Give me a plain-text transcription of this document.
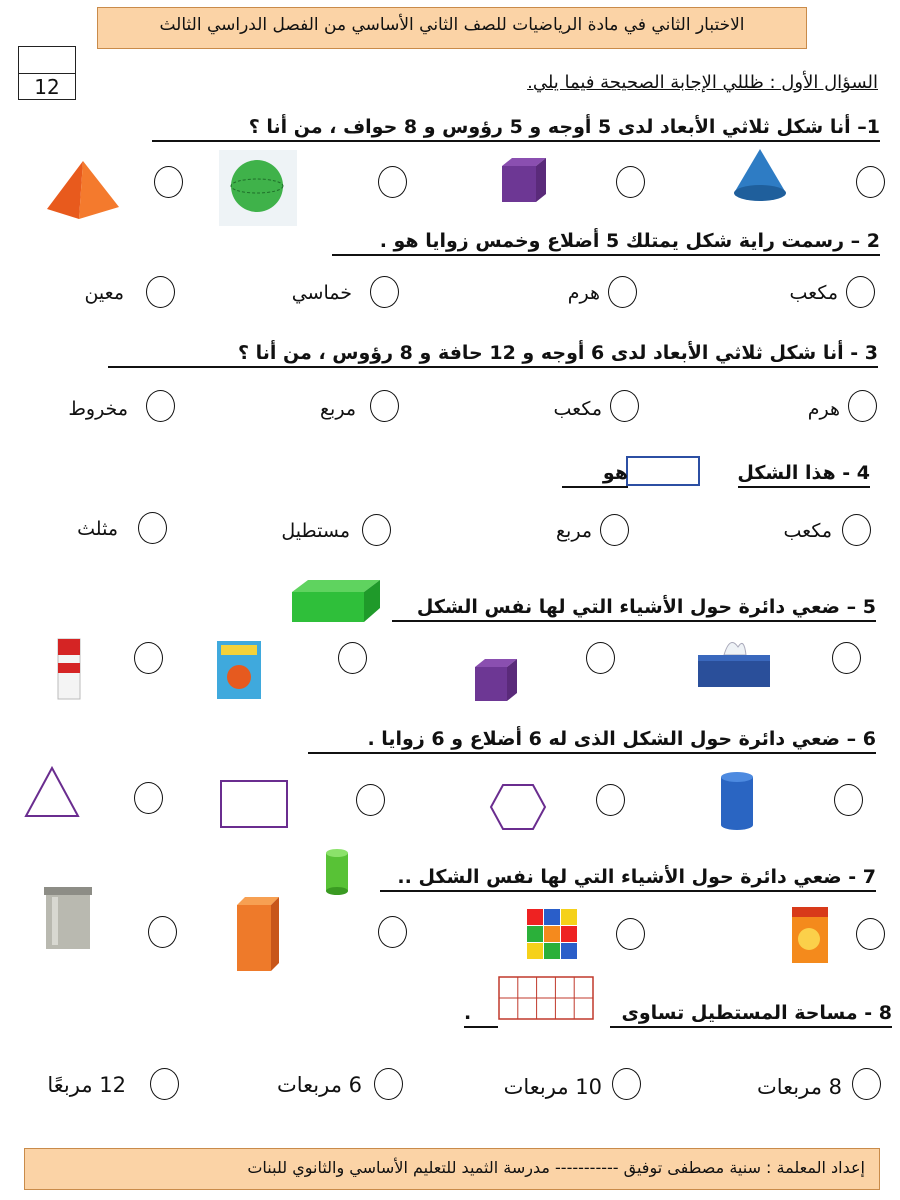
الاختبار الثاني في مادة الرياضيات للصف الثاني الأساسي من الفصل الدراسي الثالث
12	السؤال الأول : ظللي الإجابة الصحيحة فيما يلي.
1– أنا شكل ثلاثي الأبعاد لدى 5 أوجه و 5 رؤوس و 8 حواف ، من أنا ؟
2 – رسمت راية شكل يمتلك 5 أضلاع وخمس زوايا هو .
مكعب
هرم
خماسي
معين
3 - أنا شكل ثلاثي الأبعاد لدى 6 أوجه و 12 حافة و 8 رؤوس ، من أنا ؟
هرم
مكعب
مربع
مخروط
4 - هذا الشكل
هو
مكعب
مربع
مستطيل
مثلث
5 – ضعي دائرة حول الأشياء التي لها نفس الشكل
6 – ضعي دائرة حول الشكل الذى له 6 أضلاع و 6 زوايا .
7 - ضعي دائرة حول الأشياء التي لها نفس الشكل ..
8 - مساحة المستطيل تساوى
.
8 مربعات
10 مربعات
6 مربعات
12 مربعًا
إعداد المعلمة : سنية مصطفى توفيق ----------- مدرسة الثميد للتعليم الأساسي والثانوي للبنات
